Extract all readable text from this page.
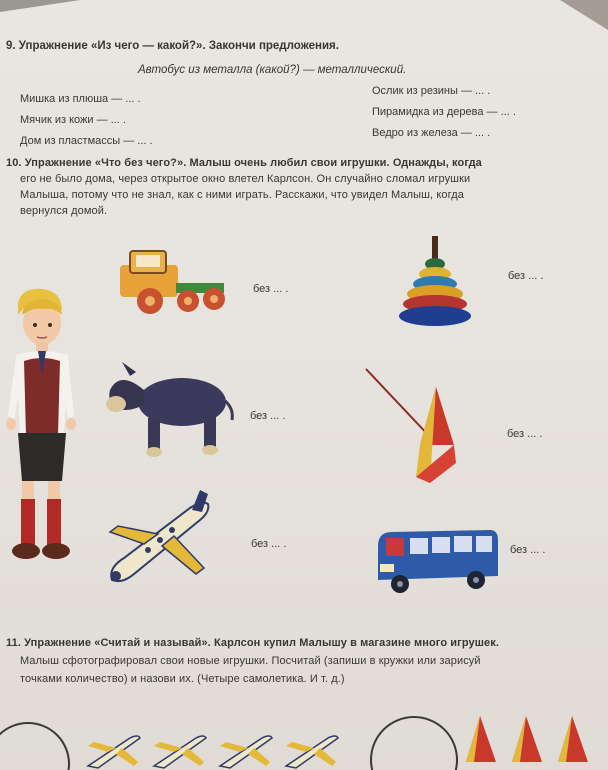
9. Упражнение «Из чего — какой?». Закончи предложения.
Автобус из металла (какой?) — металлический.
Мишка из плюша — ... .
Мячик из кожи — ... .
Дом из пластмассы — ... .
Ослик из резины — ... .
Пирамидка из дерева — ... .
Ведро из железа — ... .
10. Упражнение «Что без чего?». Малыш очень любил свои игрушки. Однажды, когда
его не было дома, через открытое окно влетел Карлсон. Он случайно сломал игрушки
Малыша, потому что не знал, как с ними играть. Расскажи, что увидел Малыш, когда
вернулся домой.
без ... .
без ... .
без ... .
без ... .
без ... .	без ... .
11. Упражнение «Считай и называй». Карлсон купил Малышу в магазине много игрушек.
Малыш сфотографировал свои новые игрушки. Посчитай (запиши в кружки или зарисуй
точками количество) и назови их. (Четыре самолетика. И т. д.)
